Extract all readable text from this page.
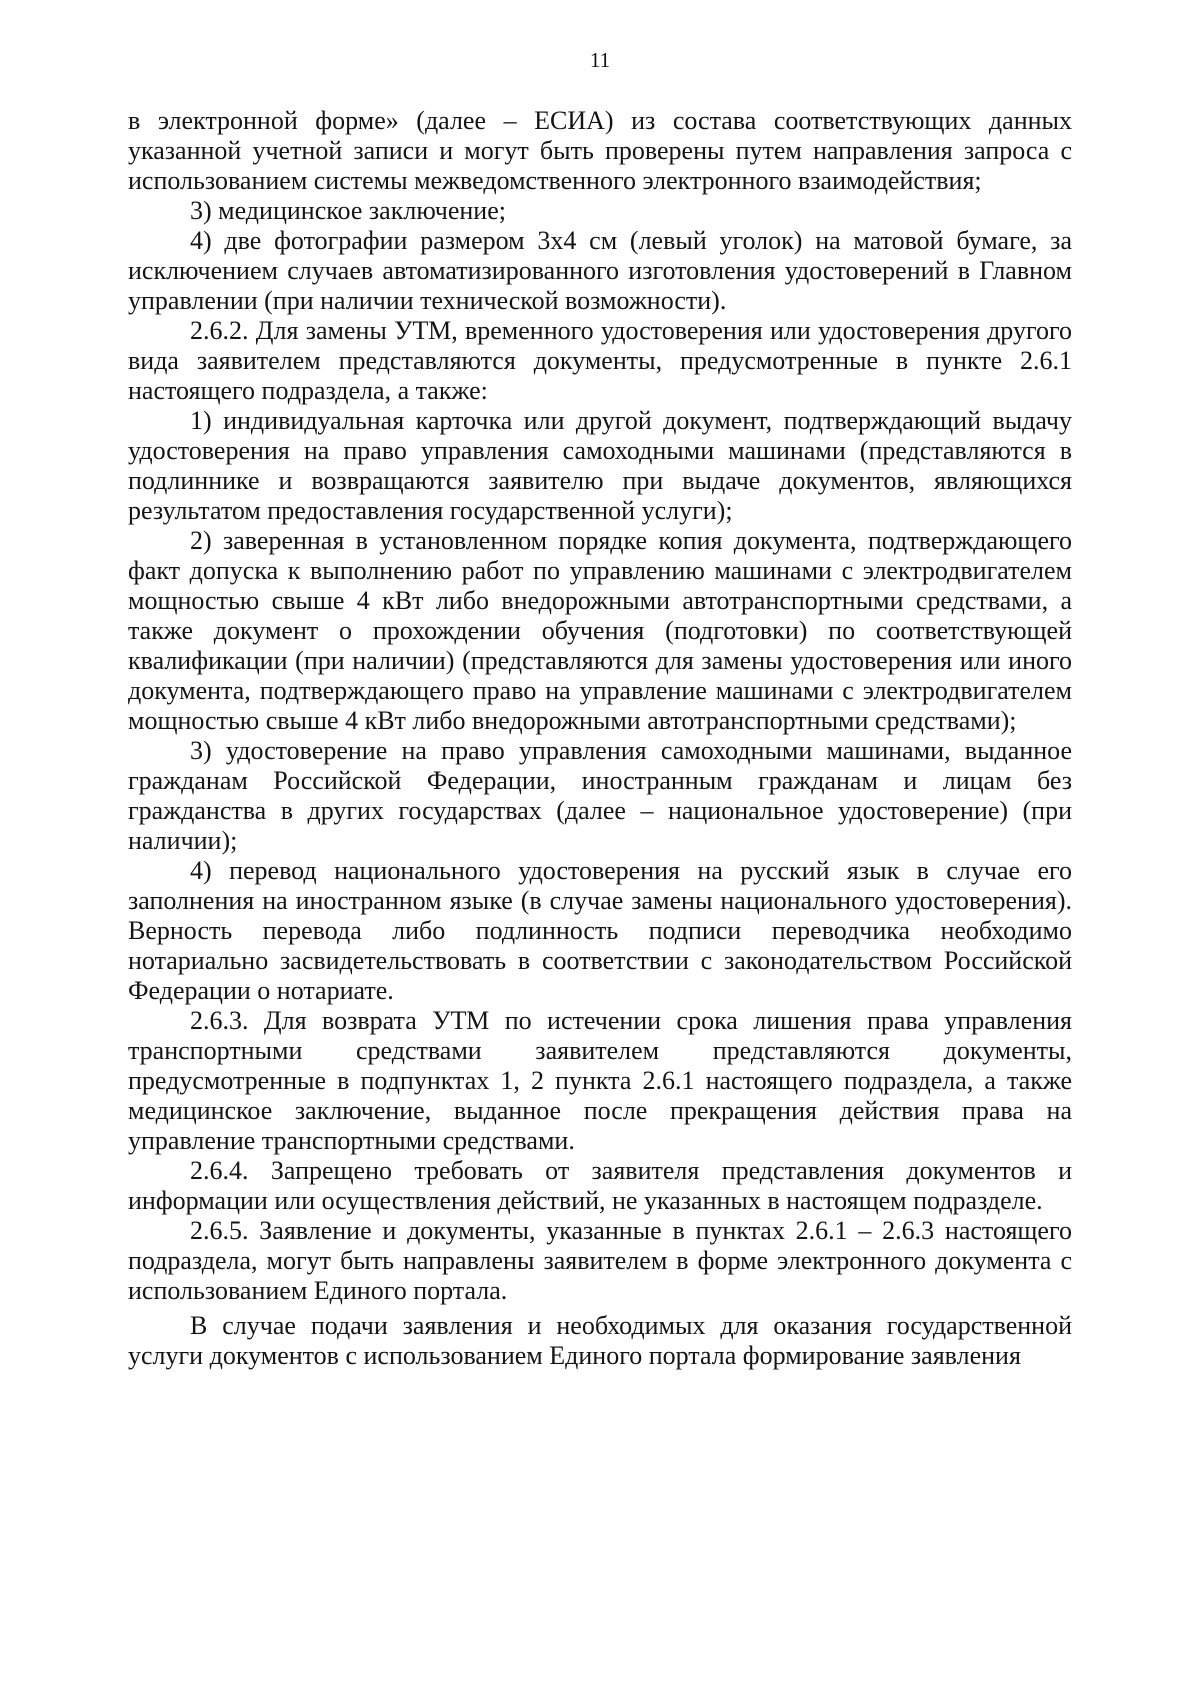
11

в электронной форме» (далее – ЕСИА) из состава соответствующих данных указанной учетной записи и могут быть проверены путем направления запроса с использованием системы межведомственного электронного взаимодействия;

3) медицинское заключение;

4) две фотографии размером 3х4 см (левый уголок) на матовой бумаге, за исключением случаев автоматизированного изготовления удостоверений в Главном управлении (при наличии технической возможности).

2.6.2. Для замены УТМ, временного удостоверения или удостоверения другого вида заявителем представляются документы, предусмотренные в пункте 2.6.1 настоящего подраздела, а также:

1) индивидуальная карточка или другой документ, подтверждающий выдачу удостоверения на право управления самоходными машинами (представляются в подлиннике и возвращаются заявителю при выдаче документов, являющихся результатом предоставления государственной услуги);

2) заверенная в установленном порядке копия документа, подтверждающего факт допуска к выполнению работ по управлению машинами с электродвигателем мощностью свыше 4 кВт либо внедорожными автотранспортными средствами, а также документ о прохождении обучения (подготовки) по соответствующей квалификации (при наличии) (представляются для замены удостоверения или иного документа, подтверждающего право на управление машинами с электродвигателем мощностью свыше 4 кВт либо внедорожными автотранспортными средствами);

3) удостоверение на право управления самоходными машинами, выданное гражданам Российской Федерации, иностранным гражданам и лицам без гражданства в других государствах (далее – национальное удостоверение) (при наличии);

4) перевод национального удостоверения на русский язык в случае его заполнения на иностранном языке (в случае замены национального удостоверения). Верность перевода либо подлинность подписи переводчика необходимо нотариально засвидетельствовать в соответствии с законодательством Российской Федерации о нотариате.

2.6.3. Для возврата УТМ по истечении срока лишения права управления транспортными средствами заявителем представляются документы, предусмотренные в подпунктах 1, 2 пункта 2.6.1 настоящего подраздела, а также медицинское заключение, выданное после прекращения действия права на управление транспортными средствами.

2.6.4. Запрещено требовать от заявителя представления документов и информации или осуществления действий, не указанных в настоящем подразделе.

2.6.5. Заявление и документы, указанные в пунктах 2.6.1 – 2.6.3 настоящего подраздела, могут быть направлены заявителем в форме электронного документа с использованием Единого портала.

В случае подачи заявления и необходимых для оказания государственной услуги документов с использованием Единого портала формирование заявления
